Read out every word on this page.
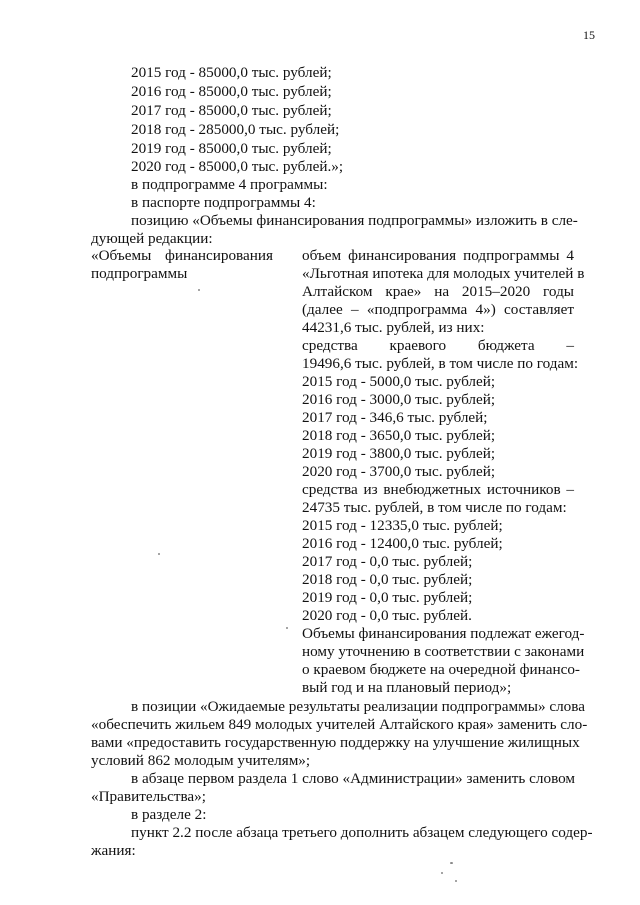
15
2015 год - 85000,0 тыс. рублей;
2016 год - 85000,0 тыс. рублей;
2017 год - 85000,0 тыс. рублей;
2018 год - 285000,0 тыс. рублей;
2019 год - 85000,0 тыс. рублей;
2020 год - 85000,0 тыс. рублей.»;
в подпрограмме 4 программы:
в паспорте подпрограммы 4:
позицию «Объемы финансирования подпрограммы» изложить в сле-
дующей редакции:
«Объемы финансирования
подпрограммы
объем финансирования подпрограммы 4
«Льготная ипотека для молодых учителей в
Алтайском крае» на 2015–2020 годы
(далее – «подпрограмма 4») составляет
44231,6 тыс. рублей, из них:
средства краевого бюджета –
19496,6 тыс. рублей, в том числе по годам:
2015 год - 5000,0 тыс. рублей;
2016 год - 3000,0 тыс. рублей;
2017 год - 346,6 тыс. рублей;
2018 год - 3650,0 тыс. рублей;
2019 год - 3800,0 тыс. рублей;
2020 год - 3700,0 тыс. рублей;
средства из внебюджетных источников –
24735 тыс. рублей, в том числе по годам:
2015 год - 12335,0 тыс. рублей;
2016 год - 12400,0 тыс. рублей;
2017 год - 0,0 тыс. рублей;
2018 год - 0,0 тыс. рублей;
2019 год - 0,0 тыс. рублей;
2020 год - 0,0 тыс. рублей.
Объемы финансирования подлежат ежегод-
ному уточнению в соответствии с законами
о краевом бюджете на очередной финансо-
вый год и на плановый период»;
в позиции «Ожидаемые результаты реализации подпрограммы» слова
«обеспечить жильем 849 молодых учителей Алтайского края» заменить сло-
вами «предоставить государственную поддержку на улучшение жилищных
условий 862 молодым учителям»;
в абзаце первом раздела 1 слово «Администрации» заменить словом
«Правительства»;
в разделе 2:
пункт 2.2 после абзаца третьего дополнить абзацем следующего содер-
жания:
